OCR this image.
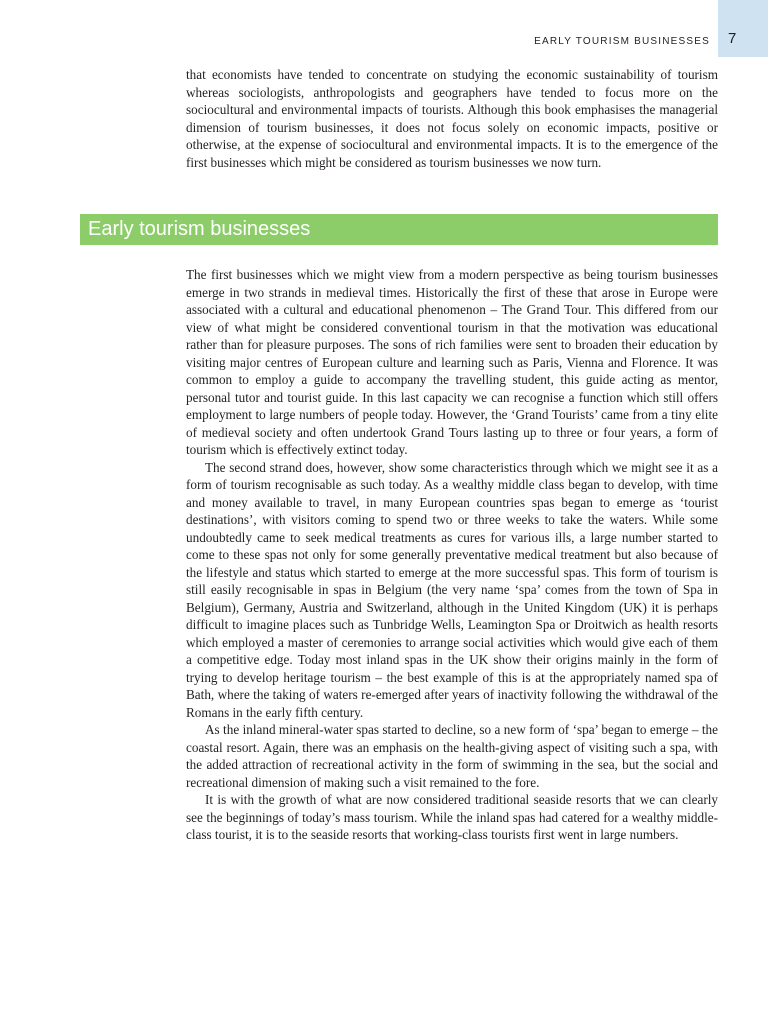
EARLY TOURISM BUSINESSES 7

that economists have tended to concentrate on studying the economic sustainability of tourism whereas sociologists, anthropologists and geographers have tended to focus more on the sociocultural and environmental impacts of tourists. Although this book emphasises the managerial dimension of tourism businesses, it does not focus solely on economic impacts, positive or otherwise, at the expense of sociocultural and environmental impacts. It is to the emergence of the first businesses which might be considered as tourism businesses we now turn.

Early tourism businesses

The first businesses which we might view from a modern perspective as being tourism businesses emerge in two strands in medieval times. Historically the first of these that arose in Europe were associated with a cultural and educational phenomenon – The Grand Tour. This differed from our view of what might be considered conventional tourism in that the motivation was educational rather than for pleasure purposes. The sons of rich families were sent to broaden their education by visiting major centres of European culture and learning such as Paris, Vienna and Florence. It was common to employ a guide to accompany the travelling student, this guide acting as mentor, personal tutor and tourist guide. In this last capacity we can recognise a function which still offers employment to large numbers of people today. However, the ‘Grand Tourists’ came from a tiny elite of medieval society and often undertook Grand Tours lasting up to three or four years, a form of tourism which is effectively extinct today.

The second strand does, however, show some characteristics through which we might see it as a form of tourism recognisable as such today. As a wealthy middle class began to develop, with time and money available to travel, in many European countries spas began to emerge as ‘tourist destinations’, with visitors coming to spend two or three weeks to take the waters. While some undoubtedly came to seek medical treatments as cures for various ills, a large number started to come to these spas not only for some generally preventative medical treatment but also because of the lifestyle and status which started to emerge at the more successful spas. This form of tourism is still easily recognisable in spas in Belgium (the very name ‘spa’ comes from the town of Spa in Belgium), Germany, Austria and Switzerland, although in the United Kingdom (UK) it is perhaps difficult to imagine places such as Tunbridge Wells, Leamington Spa or Droitwich as health resorts which employed a master of ceremonies to arrange social activities which would give each of them a competitive edge. Today most inland spas in the UK show their origins mainly in the form of trying to develop heritage tourism – the best example of this is at the appropriately named spa of Bath, where the taking of waters re-emerged after years of inactivity following the withdrawal of the Romans in the early fifth century.

As the inland mineral-water spas started to decline, so a new form of ‘spa’ began to emerge – the coastal resort. Again, there was an emphasis on the health-giving aspect of visiting such a spa, with the added attraction of recreational activity in the form of swimming in the sea, but the social and recreational dimension of making such a visit remained to the fore.

It is with the growth of what are now considered traditional seaside resorts that we can clearly see the beginnings of today’s mass tourism. While the inland spas had catered for a wealthy middle-class tourist, it is to the seaside resorts that working-class tourists first went in large numbers.
